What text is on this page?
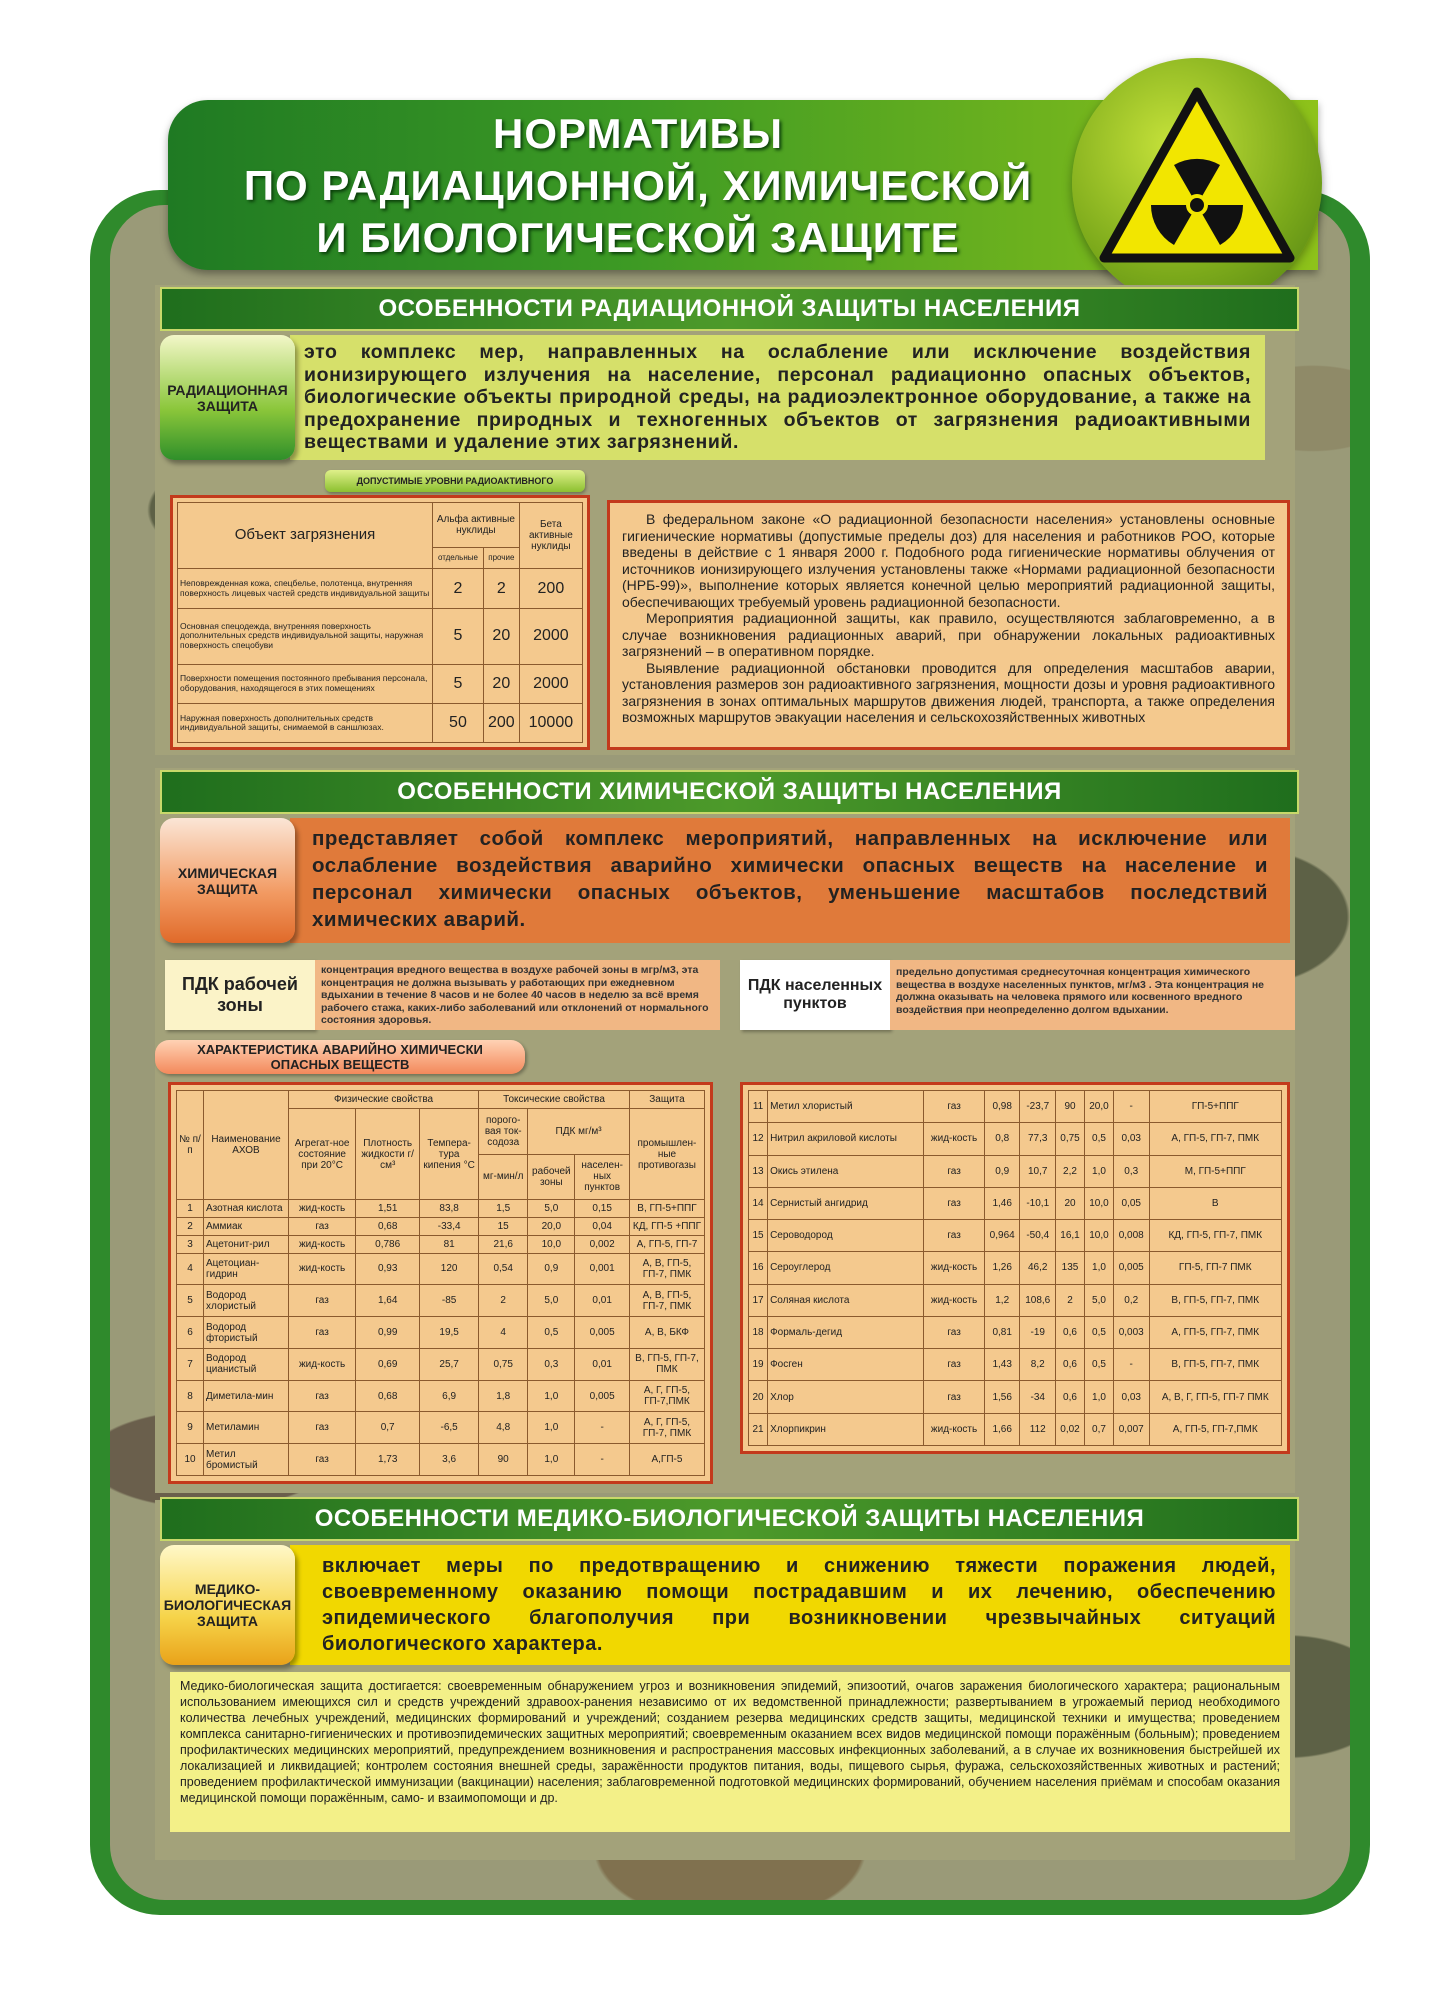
НОРМАТИВЫ
ПО РАДИАЦИОННОЙ, ХИМИЧЕСКОЙ
И БИОЛОГИЧЕСКОЙ ЗАЩИТЕ
ОСОБЕННОСТИ РАДИАЦИОННОЙ ЗАЩИТЫ НАСЕЛЕНИЯ
это комплекс мер, направленных на ослабление или исключение воздействия ионизирующего излучения на население, персонал радиационно опасных объектов, биологические объекты природной среды, на радиоэлектронное оборудование, а также на предохранение природных и техногенных объектов от загрязнения радиоактивными веществами и удаление этих загрязнений.
РАДИАЦИОННАЯ ЗАЩИТА
ДОПУСТИМЫЕ УРОВНИ РАДИОАКТИВНОГО
Объект загрязнения	Альфа активные нуклиды		Бета активные нуклиды
	отдельные	прочие	
Неповрежденная кожа, спецбелье, полотенца, внутренняя поверхность лицевых частей средств индивидуальной защиты	2	2	200
Основная спецодежда, внутренняя поверхность дополнительных средств индивидуальной защиты, наружная поверхность спецобуви	5	20	2000
Поверхности помещения постоянного пребывания персонала, оборудования, находящегося в этих помещениях	5	20	2000
Наружная поверхность дополнительных средств индивидуальной защиты, снимаемой в саншлюзах.	50	200	10000

В федеральном законе «О радиационной безопасности населения» установлены основные гигиенические нормативы (допустимые пределы доз) для населения и работников РОО, которые введены в действие с 1 января 2000 г. Подобного рода гигиенические нормативы облучения от источников ионизирующего излучения установлены также «Нормами радиационной безопасности (НРБ-99)», выполнение которых является конечной целью мероприятий радиационной защиты, обеспечивающих требуемый уровень радиационной безопасности.

Мероприятия радиационной защиты, как правило, осуществляются заблаговременно, а в случае возникновения радиационных аварий, при обнаружении локальных радиоактивных загрязнений – в оперативном порядке.

Выявление радиационной обстановки проводится для определения масштабов аварии, установления размеров зон радиоактивного загрязнения, мощности дозы и уровня радиоактивного загрязнения в зонах оптимальных маршрутов движения людей, транспорта, а также определения возможных маршрутов эвакуации населения и сельскохозяйственных животных

ОСОБЕННОСТИ ХИМИЧЕСКОЙ ЗАЩИТЫ НАСЕЛЕНИЯ
представляет собой комплекс мероприятий, направленных на исключение или ослабление воздействия аварийно химически опасных веществ на население и персонал химически опасных объектов, уменьшение масштабов последствий химических аварий.
ХИМИЧЕСКАЯ ЗАЩИТА
ПДК рабочей зоны
концентрация вредного вещества в воздухе рабочей зоны в мгр/м3, эта концентрация не должна вызывать у работающих при ежедневном вдыхании в течение 8 часов и не более 40 часов в неделю за всё время рабочего стажа, каких-либо заболеваний или отклонений от нормального состояния здоровья.
ПДК населенных пунктов
предельно допустимая среднесуточная концентрация химического вещества в воздухе населенных пунктов, мг/м3 . Эта концентрация не должна оказывать на человека прямого или косвенного вредного воздействия при неопределенно долгом вдыхании.
ХАРАКТЕРИСТИКА АВАРИЙНО ХИМИЧЕСКИ
ОПАСНЫХ ВЕЩЕСТВ
№ п/п	Наименование АХОВ	Физические свойства			Токсические свойства			Защита
		Агрегат-ное состояние при 20°С	Плотность жидкости г/см³	Темпера-тура кипения °С	порого-вая ток-содоза	ПДК мг/м³		промышлен-ные противогазы
					мг-мин/л	рабочей зоны	населен-ных пунктов	
1	Азотная кислота	жид-кость	1,51	83,8	1,5	5,0	0,15	В, ГП-5+ППГ
2	Аммиак	газ	0,68	-33,4	15	20,0	0,04	КД, ГП-5 +ППГ
3	Ацетонит-рил	жид-кость	0,786	81	21,6	10,0	0,002	А, ГП-5, ГП-7
4	Ацетоциан-гидрин	жид-кость	0,93	120	0,54	0,9	0,001	А, В, ГП-5, ГП-7, ПМК
5	Водород хлористый	газ	1,64	-85	2	5,0	0,01	А, В, ГП-5, ГП-7, ПМК
6	Водород фтористый	газ	0,99	19,5	4	0,5	0,005	А, В, БКФ
7	Водород цианистый	жид-кость	0,69	25,7	0,75	0,3	0,01	В, ГП-5, ГП-7, ПМК
8	Диметила-мин	газ	0,68	6,9	1,8	1,0	0,005	А, Г, ГП-5, ГП-7,ПМК
9	Метиламин	газ	0,7	-6,5	4,8	1,0	-	А, Г, ГП-5, ГП-7, ПМК
10	Метил бромистый	газ	1,73	3,6	90	1,0	-	А,ГП-5
11	Метил хлористый	газ	0,98	-23,7	90	20,0	-	ГП-5+ППГ
12	Нитрил акриловой кислоты	жид-кость	0,8	77,3	0,75	0,5	0,03	А, ГП-5, ГП-7, ПМК
13	Окись этилена	газ	0,9	10,7	2,2	1,0	0,3	М, ГП-5+ППГ
14	Сернистый ангидрид	газ	1,46	-10,1	20	10,0	0,05	В
15	Сероводород	газ	0,964	-50,4	16,1	10,0	0,008	КД, ГП-5, ГП-7, ПМК
16	Сероуглерод	жид-кость	1,26	46,2	135	1,0	0,005	ГП-5, ГП-7 ПМК
17	Соляная кислота	жид-кость	1,2	108,6	2	5,0	0,2	В, ГП-5, ГП-7, ПМК
18	Формаль-дегид	газ	0,81	-19	0,6	0,5	0,003	А, ГП-5, ГП-7, ПМК
19	Фосген	газ	1,43	8,2	0,6	0,5	-	В, ГП-5, ГП-7, ПМК
20	Хлор	газ	1,56	-34	0,6	1,0	0,03	А, В, Г, ГП-5, ГП-7 ПМК
21	Хлорпикрин	жид-кость	1,66	112	0,02	0,7	0,007	А, ГП-5, ГП-7,ПМК
ОСОБЕННОСТИ МЕДИКО-БИОЛОГИЧЕСКОЙ ЗАЩИТЫ НАСЕЛЕНИЯ
включает меры по предотвращению и снижению тяжести поражения людей, своевременному оказанию помощи пострадавшим и их лечению, обеспечению эпидемического благополучия при возникновении чрезвычайных ситуаций биологического характера.
МЕДИКО-БИОЛОГИЧЕСКАЯ ЗАЩИТА

Медико-биологическая защита достигается: своевременным обнаружением угроз и возникновения эпидемий, эпизоотий, очагов заражения биологического характера; рациональным использованием имеющихся сил и средств учреждений здравоох-ранения независимо от их ведомственной принадлежности; развертыванием в угрожаемый период необходимого количества лечебных учреждений, медицинских формирований и учреждений; созданием резерва медицинских средств защиты, медицинской техники и имущества; проведением комплекса санитарно-гигиенических и противоэпидемических защитных мероприятий; своевременным оказанием всех видов медицинской помощи поражённым (больным); проведением профилактических медицинских мероприятий, предупреждением возникновения и распространения массовых инфекционных заболеваний, а в случае их возникновения быстрейшей их локализацией и ликвидацией; контролем состояния внешней среды, заражённости продуктов питания, воды, пищевого сырья, фуража, сельскохозяйственных животных и растений; проведением профилактической иммунизации (вакцинации) населения; заблаговременной подготовкой медицинских формирований, обучением населения приёмам и способам оказания медицинской помощи поражённым, само- и взаимопомощи и др.
